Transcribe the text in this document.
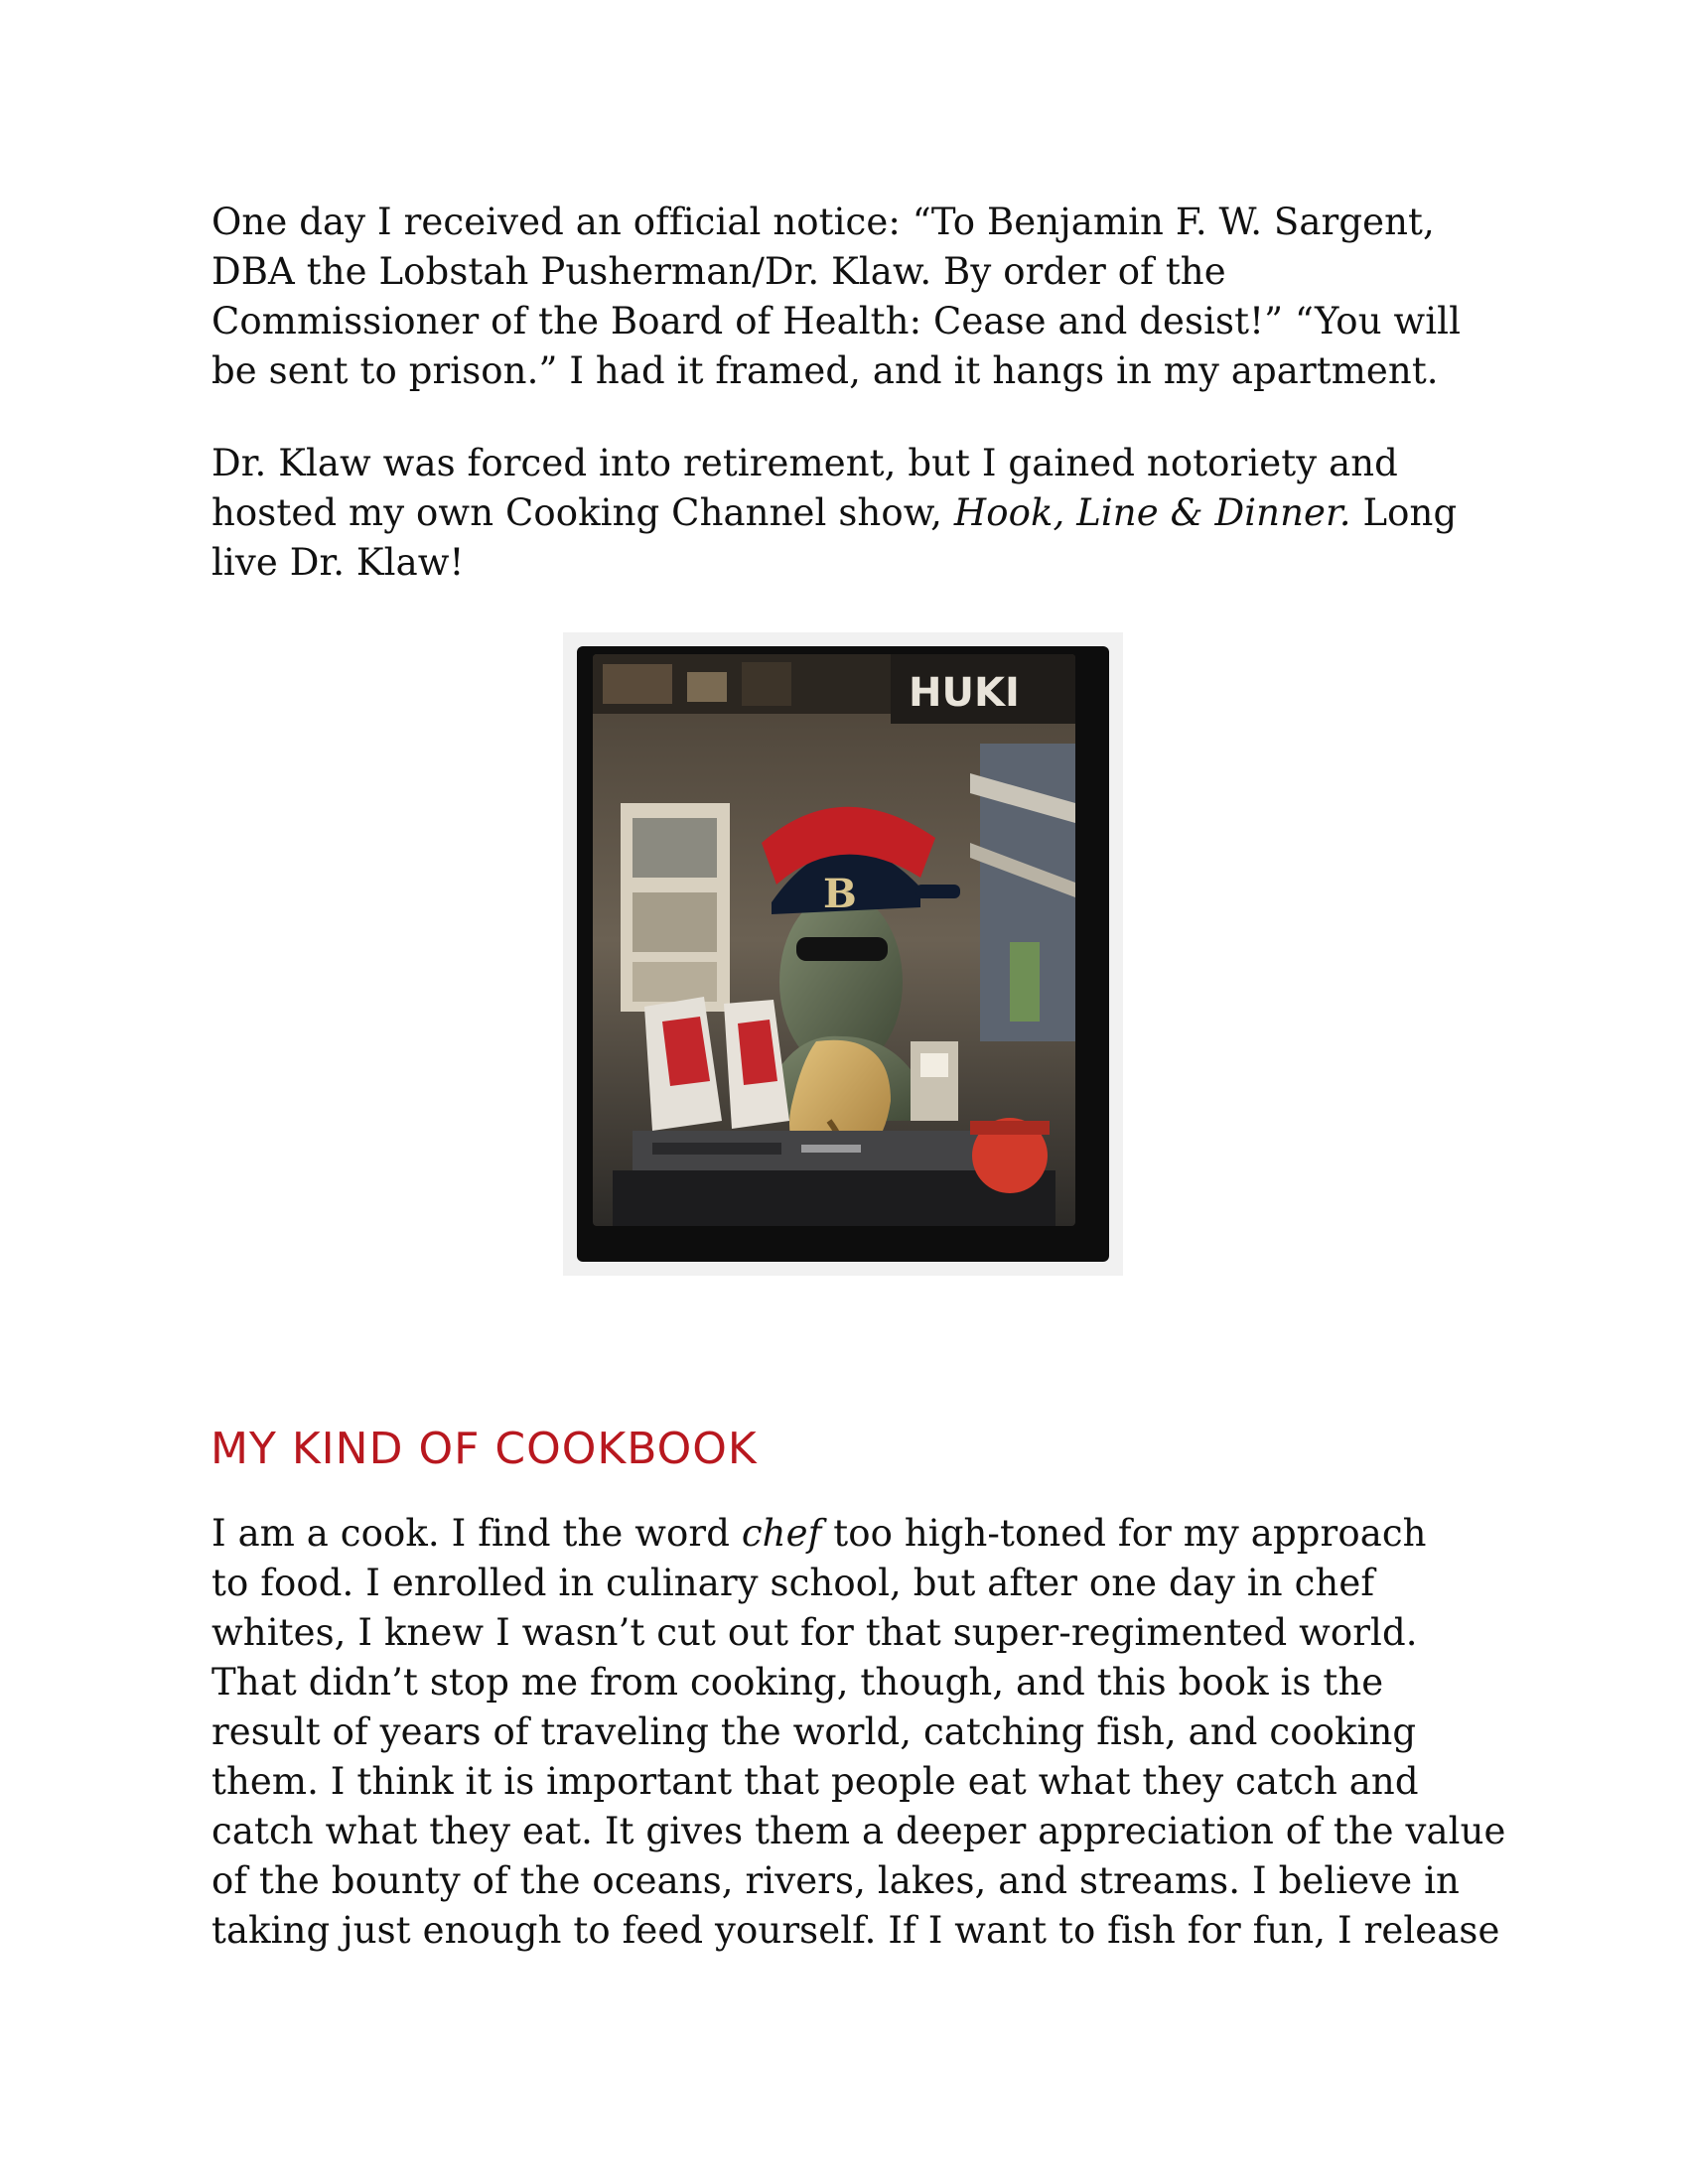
One day I received an official notice: “To Benjamin F. W. Sargent,
DBA the Lobstah Pusherman/Dr. Klaw. By order of the
Commissioner of the Board of Health: Cease and desist!” “You will
be sent to prison.” I had it framed, and it hangs in my apartment.

Dr. Klaw was forced into retirement, but I gained notoriety and
hosted my own Cooking Channel show, Hook, Line & Dinner. Long
live Dr. Klaw!

HUKI
B
MY KIND OF COOKBOOK

I am a cook. I find the word chef too high-toned for my approach
to food. I enrolled in culinary school, but after one day in chef
whites, I knew I wasn’t cut out for that super-regimented world.
That didn’t stop me from cooking, though, and this book is the
result of years of traveling the world, catching fish, and cooking
them. I think it is important that people eat what they catch and
catch what they eat. It gives them a deeper appreciation of the value
of the bounty of the oceans, rivers, lakes, and streams. I believe in
taking just enough to feed yourself. If I want to fish for fun, I release
